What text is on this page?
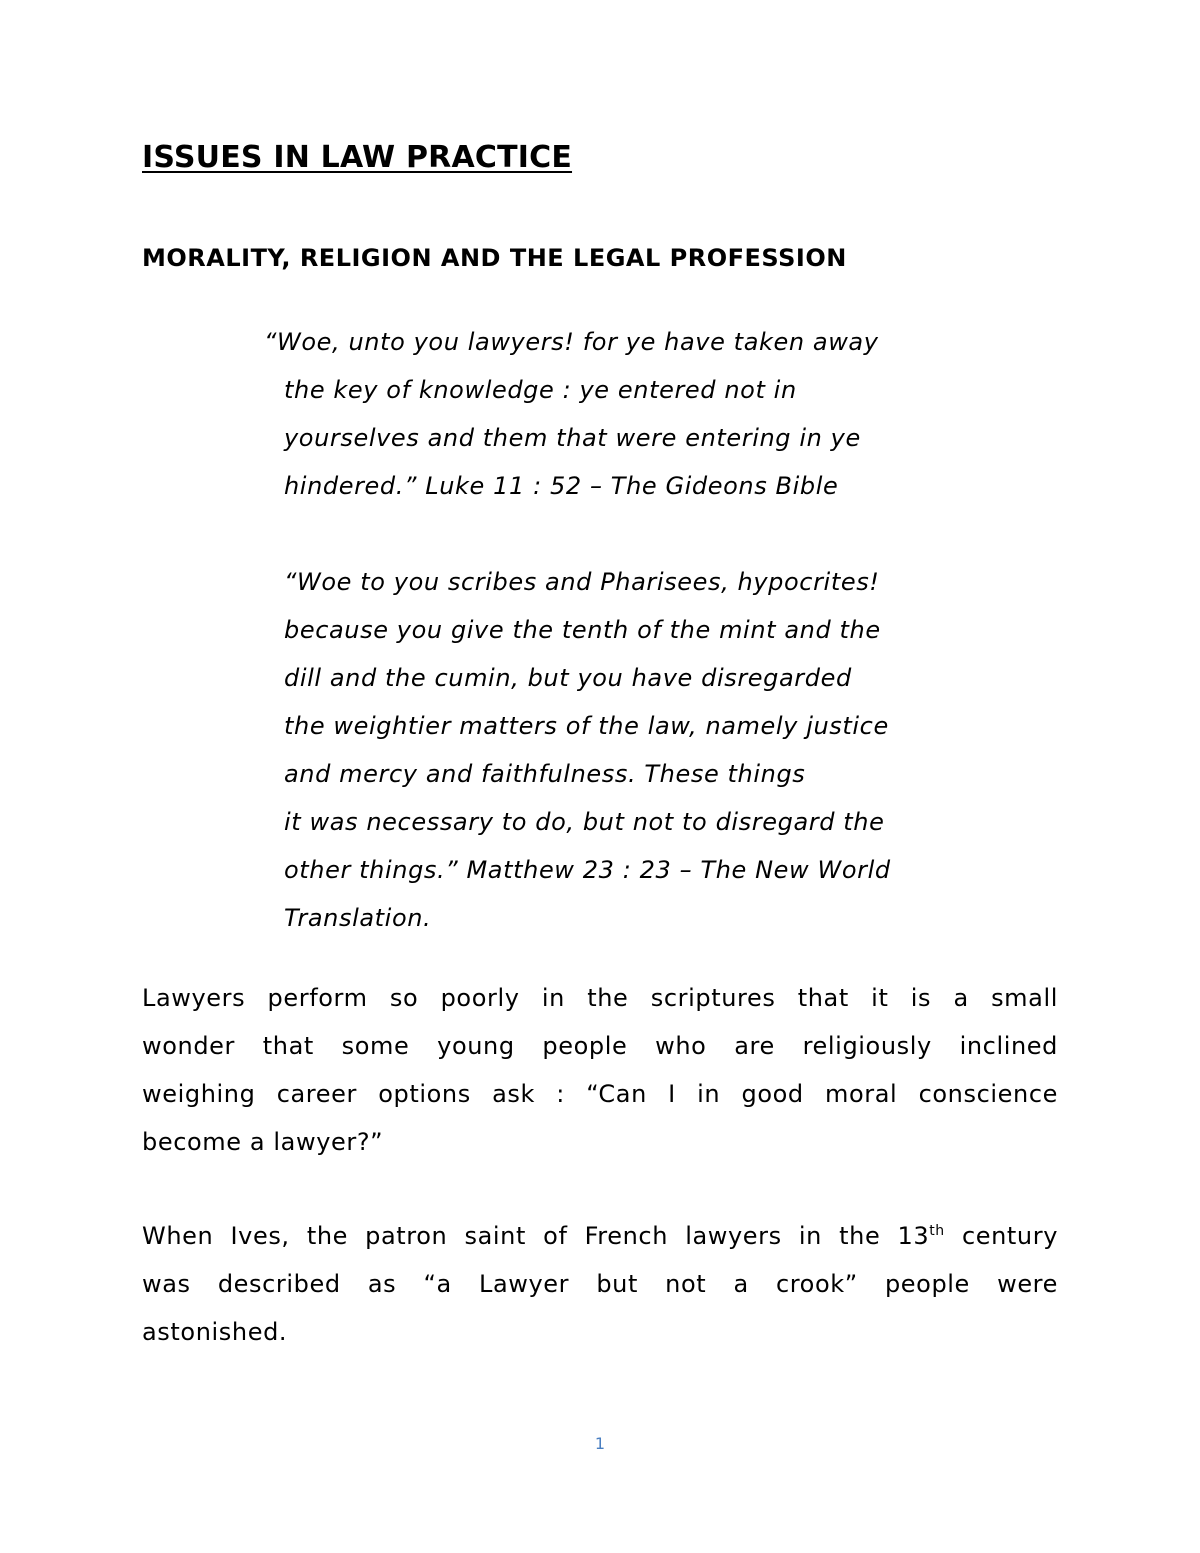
ISSUES IN LAW PRACTICE
MORALITY, RELIGION AND THE LEGAL PROFESSION

“Woe, unto you lawyers! for ye have taken away
the key of knowledge : ye entered not in
yourselves and them that were entering in ye
hindered.” Luke 11 : 52 – The Gideons Bible

“Woe to you scribes and Pharisees, hypocrites!
because you give the tenth of the mint and the
dill and the cumin, but you have disregarded
the weightier matters of the law, namely justice
and mercy and faithfulness. These things
it was necessary to do, but not to disregard the
other things.” Matthew 23 : 23 – The New World
Translation.

Lawyers perform so poorly in the scriptures that it is a small
wonder that some young people who are religiously inclined
weighing career options ask : “Can I in good moral conscience
become a lawyer?”

When Ives, the patron saint of French lawyers in the 13th century
was described as “a Lawyer but not a crook” people were
astonished.

1
